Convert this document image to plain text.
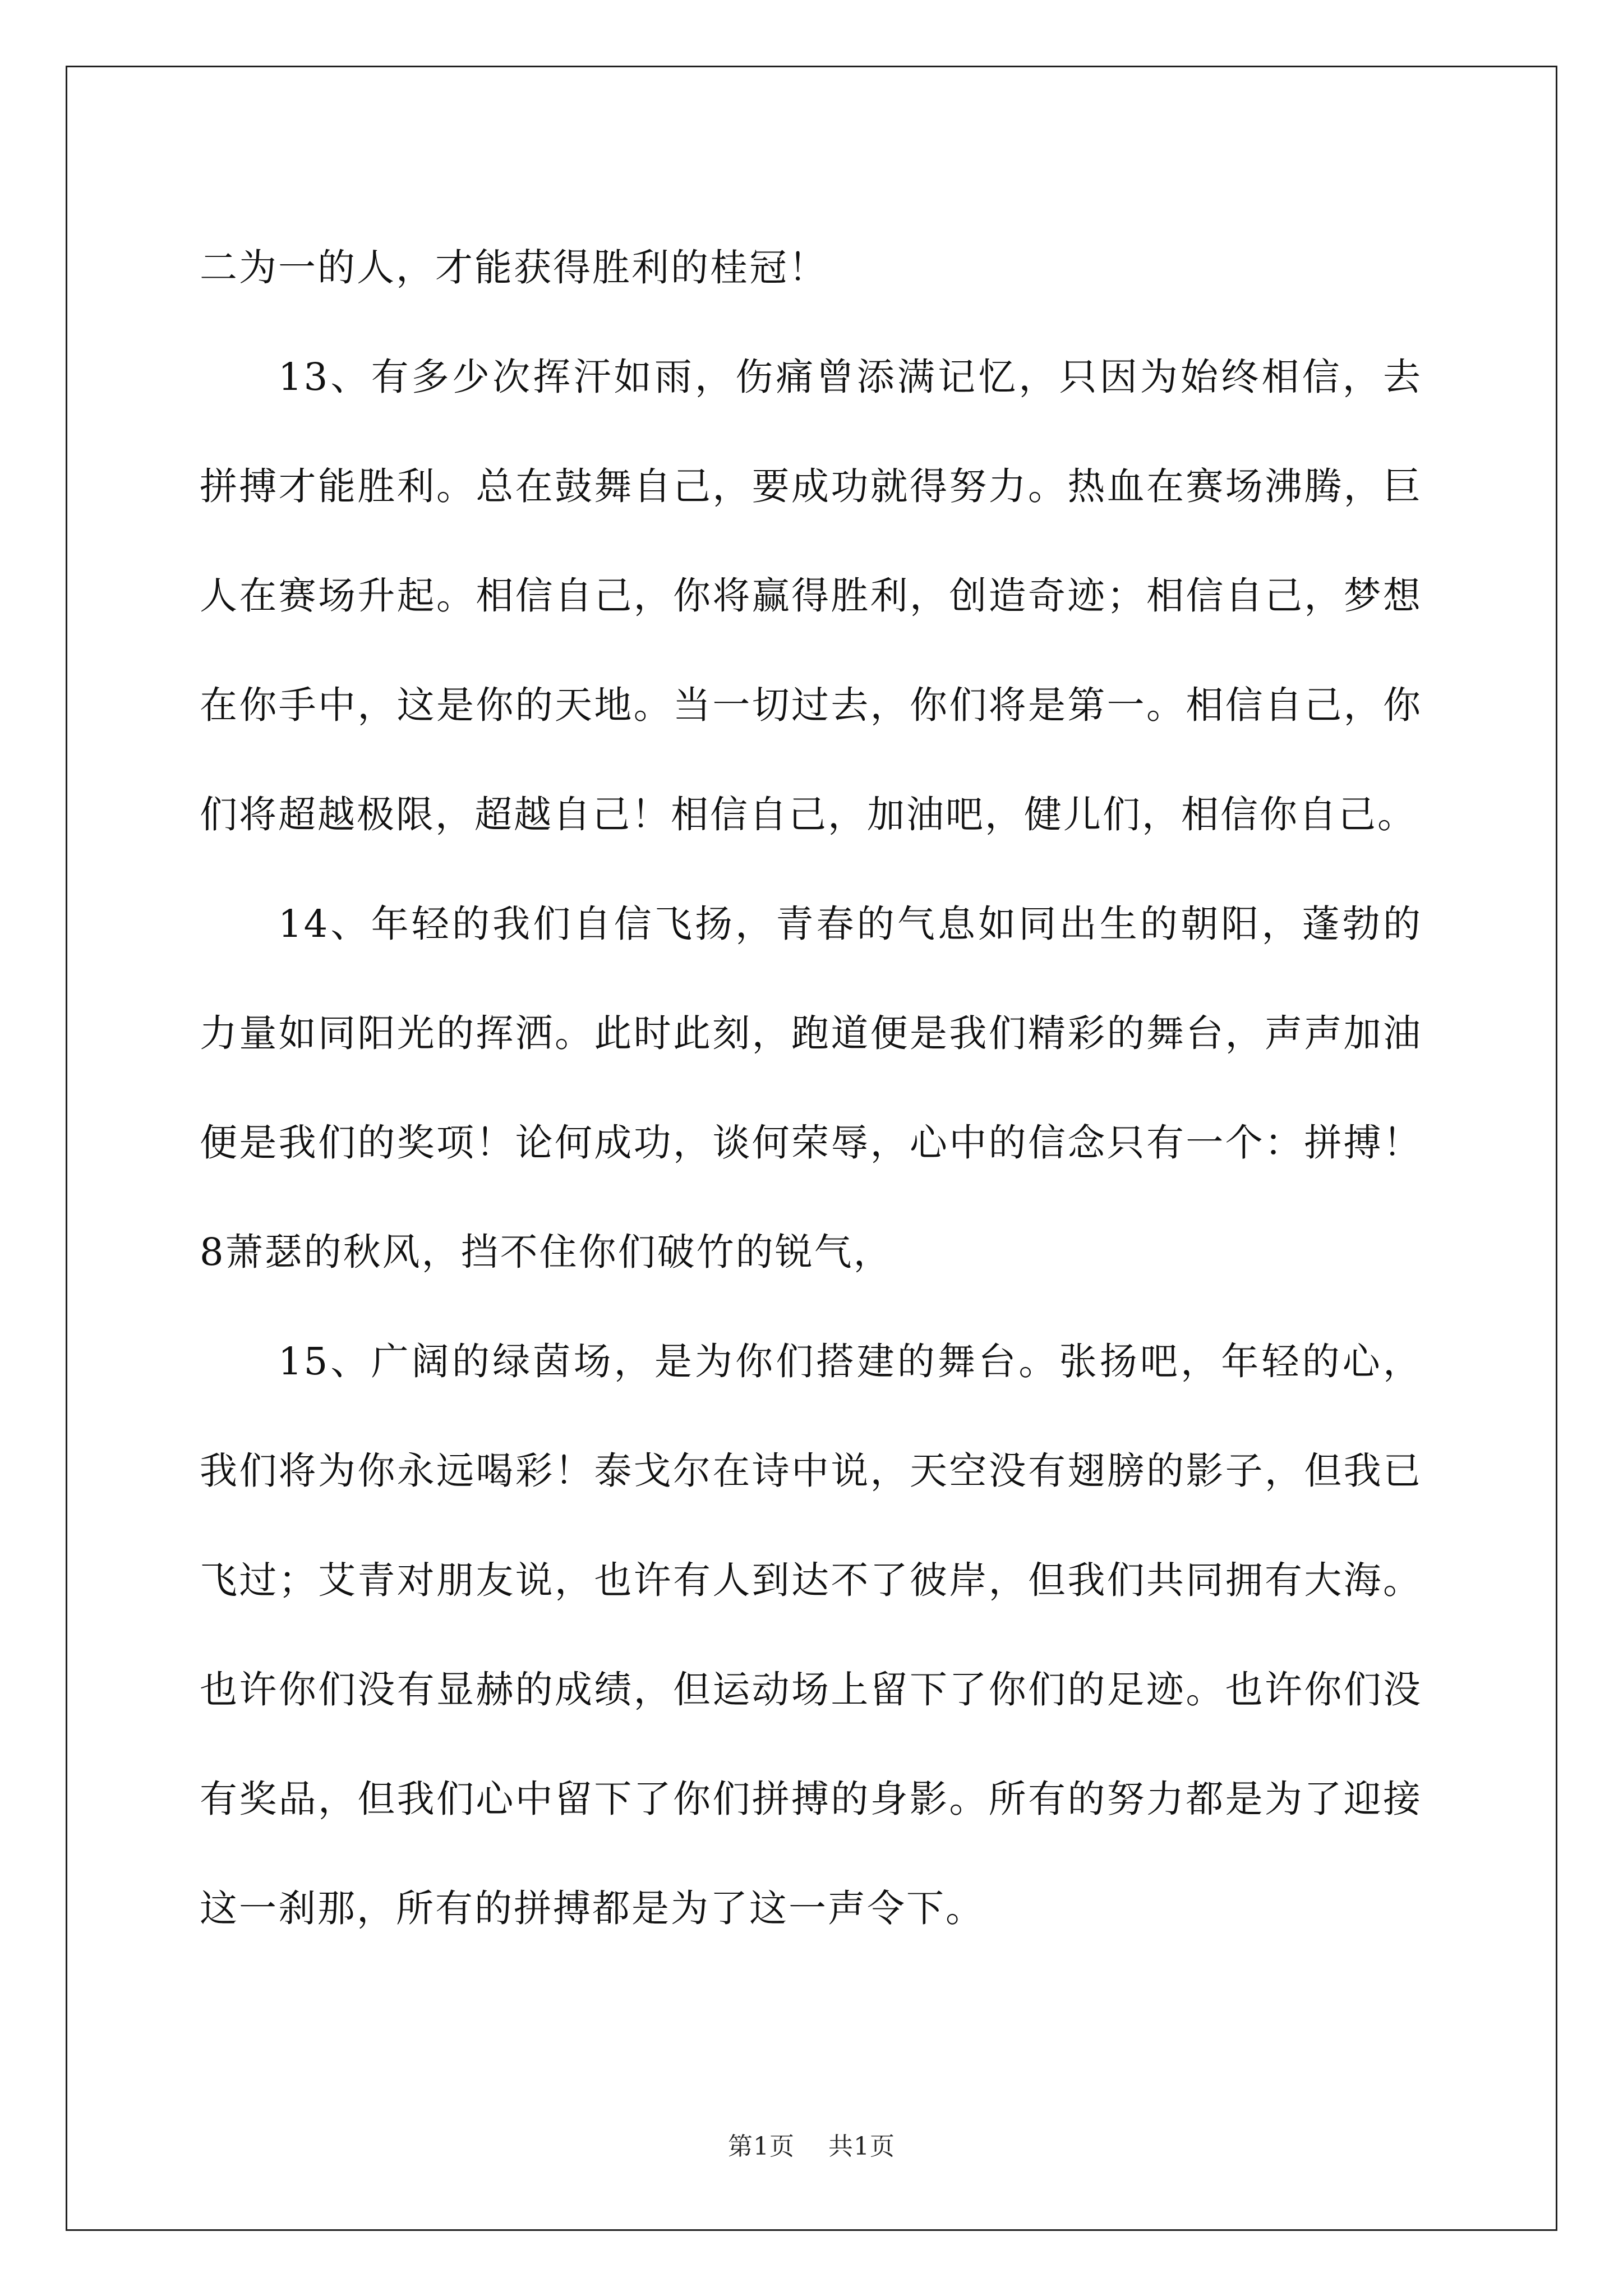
二为一的人，才能获得胜利的桂冠！

13、有多少次挥汗如雨，伤痛曾添满记忆，只因为始终相信，去拼搏才能胜利。总在鼓舞自己，要成功就得努力。热血在赛场沸腾，巨人在赛场升起。相信自己，你将赢得胜利，创造奇迹；相信自己，梦想在你手中，这是你的天地。当一切过去，你们将是第一。相信自己，你们将超越极限，超越自己！相信自己，加油吧，健儿们，相信你自己。

14、年轻的我们自信飞扬，青春的气息如同出生的朝阳，蓬勃的力量如同阳光的挥洒。此时此刻，跑道便是我们精彩的舞台，声声加油便是我们的奖项！论何成功，谈何荣辱，心中的信念只有一个：拼搏！8萧瑟的秋风，挡不住你们破竹的锐气，

15、广阔的绿茵场，是为你们搭建的舞台。张扬吧，年轻的心，我们将为你永远喝彩！泰戈尔在诗中说，天空没有翅膀的影子，但我已飞过；艾青对朋友说，也许有人到达不了彼岸，但我们共同拥有大海。也许你们没有显赫的成绩，但运动场上留下了你们的足迹。也许你们没有奖品，但我们心中留下了你们拼搏的身影。所有的努力都是为了迎接这一刹那，所有的拼搏都是为了这一声令下。

第1页 共1页
